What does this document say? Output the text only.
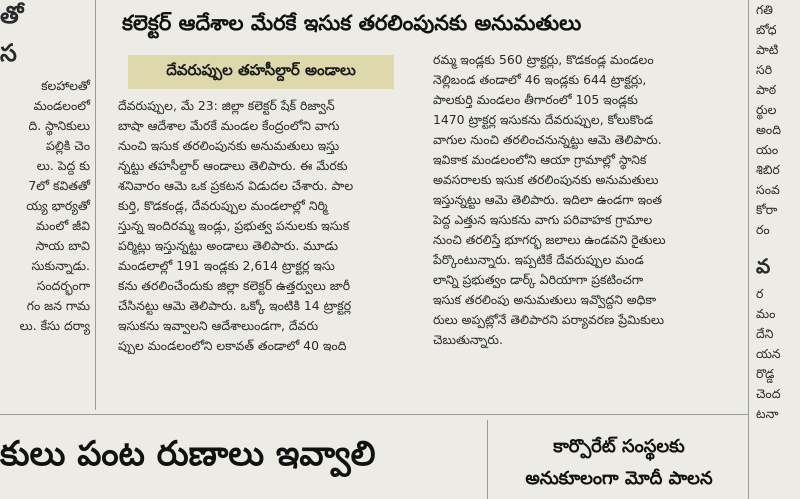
తో

స

కలహాలతో

మండలంలో

ది. స్థానికులు

పల్లికి చెం

లు. పెద్ద కు

7లో కవితతో

య్య భార్యతో

మంలో జీవి

సాయ బావి

సుకున్నాడు.

సందర్భంగా

గం జన గామ

లు. కేసు దర్యా

కలెక్టర్‌ ఆదేశాల మేరకే ఇసుక తరలింపునకు అనుమతులు
దేవరుప్పుల తహసీల్దార్‌ అండాలు

దేవరుప్పుల, మే 23: జిల్లా కలెక్టర్‌ షేక్‌ రిజ్వాన్‌

బాషా ఆదేశాల మేరకే మండల కేంద్రంలోని వాగు

నుంచి ఇసుక తరలింపునకు అనుమతులు ఇస్తు

న్నట్టు తహసీల్దార్‌ ఆండాలు తెలిపారు. ఈ మేరకు

శనివారం ఆమె ఒక ప్రకటన విడుదల చేశారు. పాల

కుర్తి, కొడకండ్ల, దేవరుప్పుల మండలాల్లో నిర్మి

స్తున్న ఇందిరమ్మ ఇండ్లు, ప్రభుత్వ పనులకు ఇసుక

పర్మిట్లు ఇస్తున్నట్టు అండాలు తెలిపారు. మూడు

మండలాల్లో 191 ఇండ్లకు 2,614 ట్రాక్టర్ల ఇసు

కను తరలించేందుకు జిల్లా కలెక్టర్‌ ఉత్తర్వులు జారీ

చేసినట్టు ఆమె తెలిపారు. ఒక్కో ఇంటికి 14 ట్రాక్టర్ల

ఇసుకను ఇవ్వాలని ఆదేశాలుండగా, దేవరు

ప్పుల మండలంలోని లకావత్‌ తండాలో 40 ఇంది

రమ్మ ఇండ్లకు 560 ట్రాక్టర్లు, కొడకండ్ల మండలం

నెల్లిబండ తండాలో 46 ఇండ్లకు 644 ట్రాక్టర్లు,

పాలకుర్తి మండలం తీగారంలో 105 ఇండ్లకు

1470 ట్రాక్టర్ల ఇసుకను దేవరుప్పుల, కోలుకొండ

వాగుల నుంచి తరలించనున్నట్టు ఆమె తెలిపారు.

ఇవికాక మండలంలోని ఆయా గ్రామాల్లో స్థానిక

అవసరాలకు ఇసుక తరలింపునకు అనుమతులు

ఇస్తున్నట్టు ఆమె తెలిపారు. ఇదిలా ఉండగా ఇంత

పెద్ద ఎత్తున ఇసుకను వాగు పరివాహక గ్రామాల

నుంచి తరలిస్తే భూగర్భ జలాలు ఉండవని రైతులు

పేర్కొంటున్నారు. ఇప్పటికే దేవరుప్పుల మండ

లాన్ని ప్రభుత్వం డార్క్‌ ఏరియాగా ప్రకటించగా

ఇసుక తరలింపు అనుమతులు ఇవ్వొద్దని అధికా

రులు అప్పట్లోనే తెలిపారని పర్యావరణ ప్రేమికులు

చెబుతున్నారు.

గతి

బోధ

పాటి

సరి

పాఠ

ర్థుల

అంది

యం

శిబిర

సంవ

కోరా

రం

వ

ర

మం

దేని

యన

రొడ్డ

చెంద

టనా

కులు పంట రుణాలు ఇవ్వాలి	కార్పొరేట్‌ సంస్థలకు
అనుకూలంగా మోదీ పాలన
